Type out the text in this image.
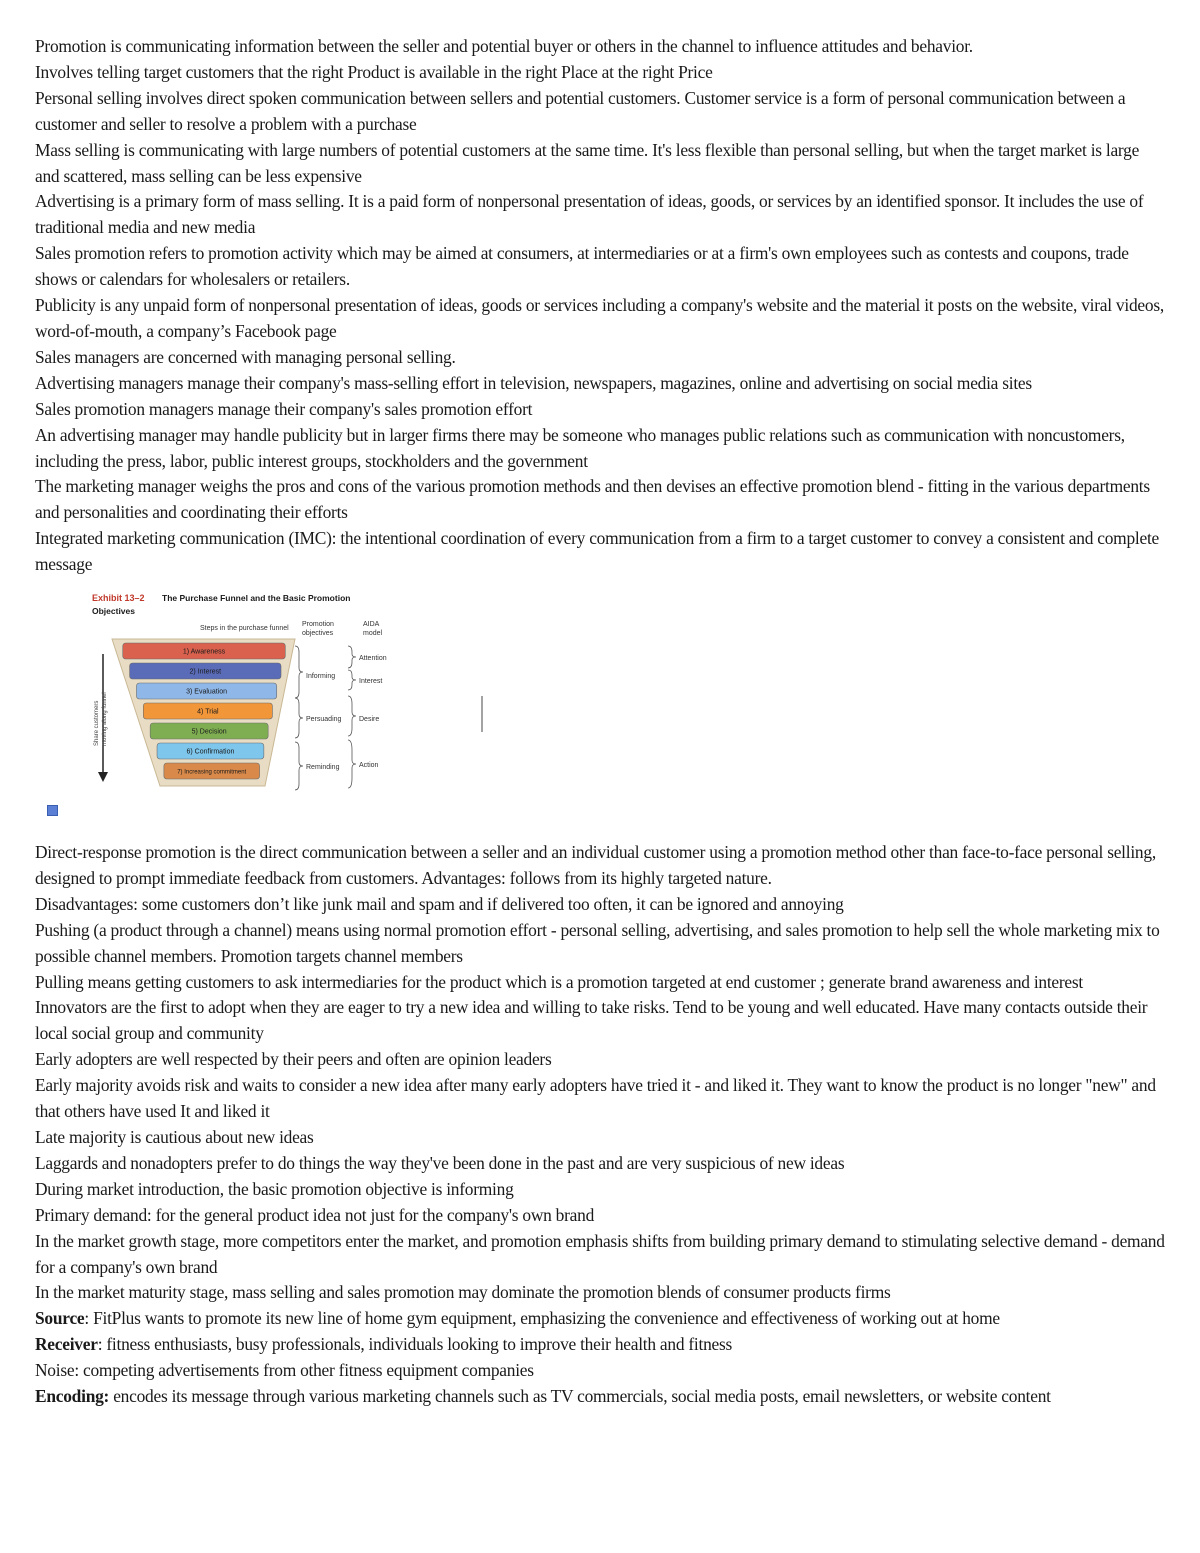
Promotion is communicating information between the seller and potential buyer or others in the channel to influence attitudes and behavior.

Involves telling target customers that the right Product is available in the right Place at the right Price

Personal selling involves direct spoken communication between sellers and potential customers. Customer service is a form of personal communication between a customer and seller to resolve a problem with a purchase

Mass selling is communicating with large numbers of potential customers at the same time. It's less flexible than personal selling, but when the target market is large and scattered, mass selling can be less expensive

Advertising is a primary form of mass selling. It is a paid form of nonpersonal presentation of ideas, goods, or services by an identified sponsor. It includes the use of traditional media and new media

Sales promotion refers to promotion activity which may be aimed at consumers, at intermediaries or at a firm's own employees such as contests and coupons, trade shows or calendars for wholesalers or retailers.

Publicity is any unpaid form of nonpersonal presentation of ideas, goods or services including a company's website and the material it posts on the website, viral videos, word-of-mouth, a company’s Facebook page

Sales managers are concerned with managing personal selling.

Advertising managers manage their company's mass-selling effort in television, newspapers, magazines, online and advertising on social media sites

Sales promotion managers manage their company's sales promotion effort

An advertising manager may handle publicity but in larger firms there may be someone who manages public relations such as communication with noncustomers, including the press, labor, public interest groups, stockholders and the government

The marketing manager weighs the pros and cons of the various promotion methods and then devises an effective promotion blend - fitting in the various departments and personalities and coordinating their efforts

Integrated marketing communication (IMC): the intentional coordination of every communication from a firm to a target customer to convey a consistent and complete message

Exhibit 13–2 The Purchase Funnel and the Basic Promotion
Objectives
Steps in the purchase funnel
Promotion
objectives
AIDA
model
Share customers moving along funnel
1) Awareness
2) Interest
3) Evaluation
4) Trial
5) Decision
6) Confirmation
7) Increasing commitment
Informing
Persuading
Reminding
Attention
Interest
Desire
Action

Direct-response promotion is the direct communication between a seller and an individual customer using a promotion method other than face-to-face personal selling, designed to prompt immediate feedback from customers. Advantages: follows from its highly targeted nature.

Disadvantages: some customers don’t like junk mail and spam and if delivered too often, it can be ignored and annoying

Pushing (a product through a channel) means using normal promotion effort - personal selling, advertising, and sales promotion to help sell the whole marketing mix to possible channel members. Promotion targets channel members

Pulling means getting customers to ask intermediaries for the product which is a promotion targeted at end customer ; generate brand awareness and interest

Innovators are the first to adopt when they are eager to try a new idea and willing to take risks. Tend to be young and well educated. Have many contacts outside their local social group and community

Early adopters are well respected by their peers and often are opinion leaders

Early majority avoids risk and waits to consider a new idea after many early adopters have tried it - and liked it. They want to know the product is no longer "new" and that others have used It and liked it

Late majority is cautious about new ideas

Laggards and nonadopters prefer to do things the way they've been done in the past and are very suspicious of new ideas

During market introduction, the basic promotion objective is informing

Primary demand: for the general product idea not just for the company's own brand

In the market growth stage, more competitors enter the market, and promotion emphasis shifts from building primary demand to stimulating selective demand - demand for a company's own brand

In the market maturity stage, mass selling and sales promotion may dominate the promotion blends of consumer products firms

Source: FitPlus wants to promote its new line of home gym equipment, emphasizing the convenience and effectiveness of working out at home

Receiver: fitness enthusiasts, busy professionals, individuals looking to improve their health and fitness

Noise: competing advertisements from other fitness equipment companies

Encoding: encodes its message through various marketing channels such as TV commercials, social media posts, email newsletters, or website content
